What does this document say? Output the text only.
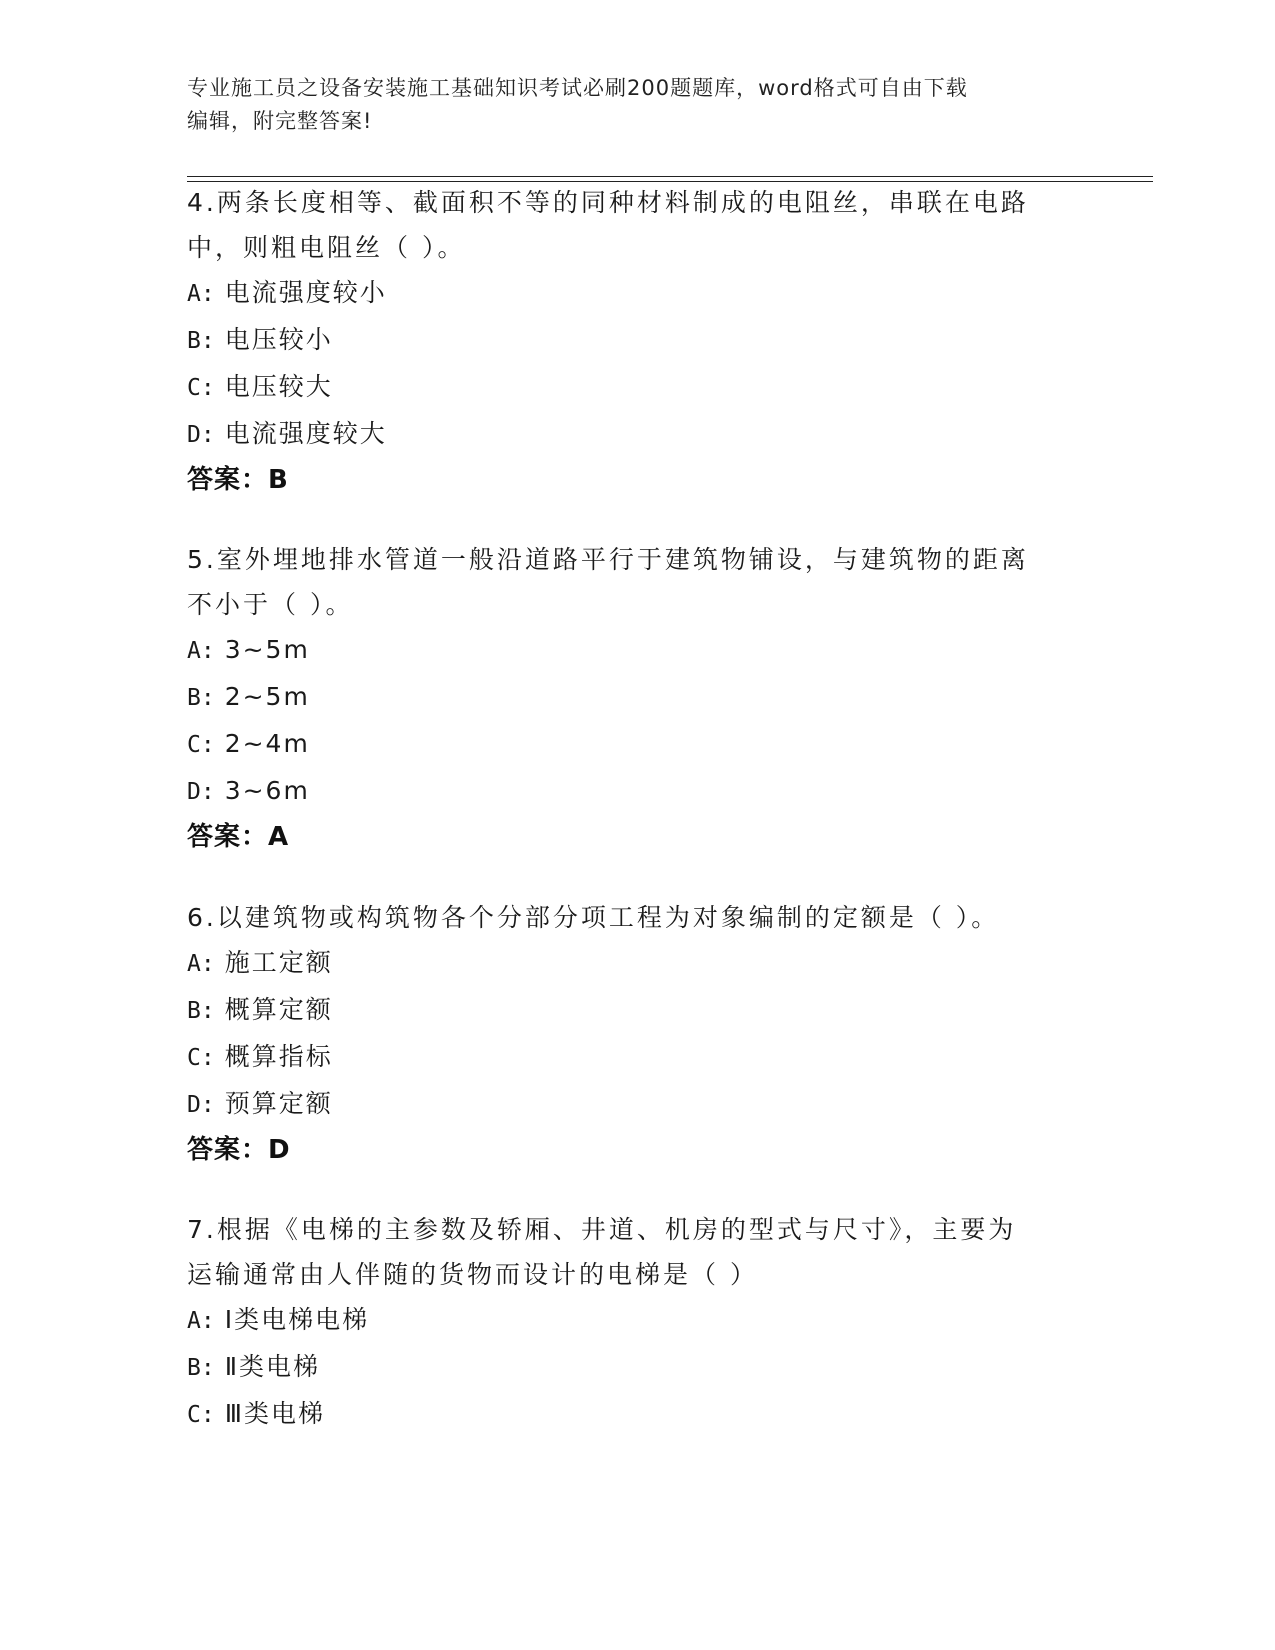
专业施工员之设备安装施工基础知识考试必刷200题题库，word格式可自由下载
编辑，附完整答案!
4.两条长度相等、截面积不等的同种材料制成的电阻丝，串联在电路
中，则粗电阻丝（ ）。
A: 电流强度较小
B: 电压较小
C: 电压较大
D: 电流强度较大
答案：B
5.室外埋地排水管道一般沿道路平行于建筑物铺设，与建筑物的距离
不小于（ ）。
A: 3~5m
B: 2~5m
C: 2~4m
D: 3~6m
答案：A
6.以建筑物或构筑物各个分部分项工程为对象编制的定额是（ ）。
A: 施工定额
B: 概算定额
C: 概算指标
D: 预算定额
答案：D
7.根据《电梯的主参数及轿厢、井道、机房的型式与尺寸》，主要为
运输通常由人伴随的货物而设计的电梯是（ ）
A: Ⅰ类电梯电梯
B: Ⅱ类电梯
C: Ⅲ类电梯
